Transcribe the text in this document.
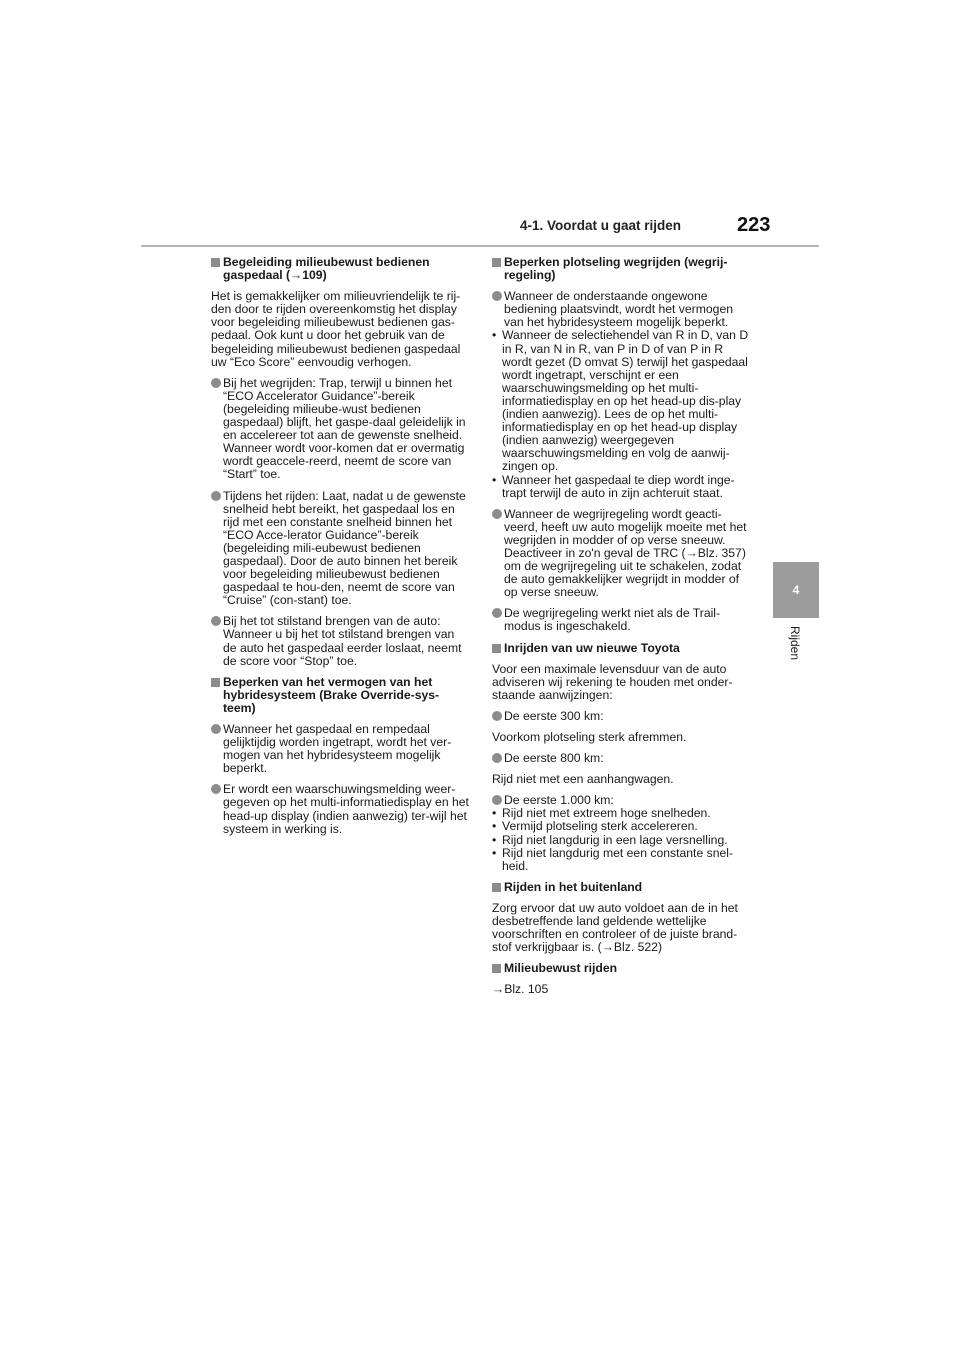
4-1. Voordat u gaat rijden	223
4
Rijden
Begeleiding milieubewust bedienen gaspedaal (→109)
Het is gemakkelijker om milieuvriendelijk te rij-den door te rijden overeenkomstig het display voor begeleiding milieubewust bedienen gas-pedaal. Ook kunt u door het gebruik van de begeleiding milieubewust bedienen gaspedaal uw “Eco Score” eenvoudig verhogen.
Bij het wegrijden: Trap, terwijl u binnen het “ECO Accelerator Guidance”-bereik (begeleiding milieube-wust bedienen gaspedaal) blijft, het gaspe-daal geleidelijk in en accelereer tot aan de gewenste snelheid. Wanneer wordt voor-komen dat er overmatig wordt geaccele-reerd, neemt de score van “Start” toe.
Tijdens het rijden: Laat, nadat u de gewenste snelheid hebt bereikt, het gaspedaal los en rijd met een constante snelheid binnen het “ECO Acce-lerator Guidance”-bereik (begeleiding mili-eubewust bedienen gaspedaal). Door de auto binnen het bereik voor begeleiding milieubewust bedienen gaspedaal te hou-den, neemt de score van “Cruise” (con-stant) toe.
Bij het tot stilstand brengen van de auto: Wanneer u bij het tot stilstand brengen van de auto het gaspedaal eerder loslaat, neemt de score voor “Stop” toe.
Beperken van het vermogen van het hybridesysteem (Brake Override-sys-teem)
Wanneer het gaspedaal en rempedaal gelijktijdig worden ingetrapt, wordt het ver-mogen van het hybridesysteem mogelijk beperkt.
Er wordt een waarschuwingsmelding weer-gegeven op het multi-informatiedisplay en het head-up display (indien aanwezig) ter-wijl het systeem in werking is.
Beperken plotseling wegrijden (wegrij-regeling)
Wanneer de onderstaande ongewone bediening plaatsvindt, wordt het vermogen van het hybridesysteem mogelijk beperkt.
• Wanneer de selectiehendel van R in D, van D in R, van N in R, van P in D of van P in R wordt gezet (D omvat S) terwijl het gaspedaal wordt ingetrapt, verschijnt er een waarschuwingsmelding op het multi-informatiedisplay en op het head-up dis-play (indien aanwezig). Lees de op het multi-informatiedisplay en op het head-up display (indien aanwezig) weergegeven waarschuwingsmelding en volg de aanwij-zingen op.
• Wanneer het gaspedaal te diep wordt inge-trapt terwijl de auto in zijn achteruit staat.
Wanneer de wegrijregeling wordt geacti-veerd, heeft uw auto mogelijk moeite met het wegrijden in modder of op verse sneeuw. Deactiveer in zo'n geval de TRC (→Blz. 357) om de wegrijregeling uit te schakelen, zodat de auto gemakkelijker wegrijdt in modder of op verse sneeuw.
De wegrijregeling werkt niet als de Trail-modus is ingeschakeld.
Inrijden van uw nieuwe Toyota
Voor een maximale levensduur van de auto adviseren wij rekening te houden met onder-staande aanwijzingen:
De eerste 300 km:
Voorkom plotseling sterk afremmen.
De eerste 800 km:
Rijd niet met een aanhangwagen.
De eerste 1.000 km:
• Rijd niet met extreem hoge snelheden.
• Vermijd plotseling sterk accelereren.
• Rijd niet langdurig in een lage versnelling.
• Rijd niet langdurig met een constante snel-heid.
Rijden in het buitenland
Zorg ervoor dat uw auto voldoet aan de in het desbetreffende land geldende wettelijke voorschriften en controleer of de juiste brand-stof verkrijgbaar is. (→Blz. 522)
Milieubewust rijden
→Blz. 105
